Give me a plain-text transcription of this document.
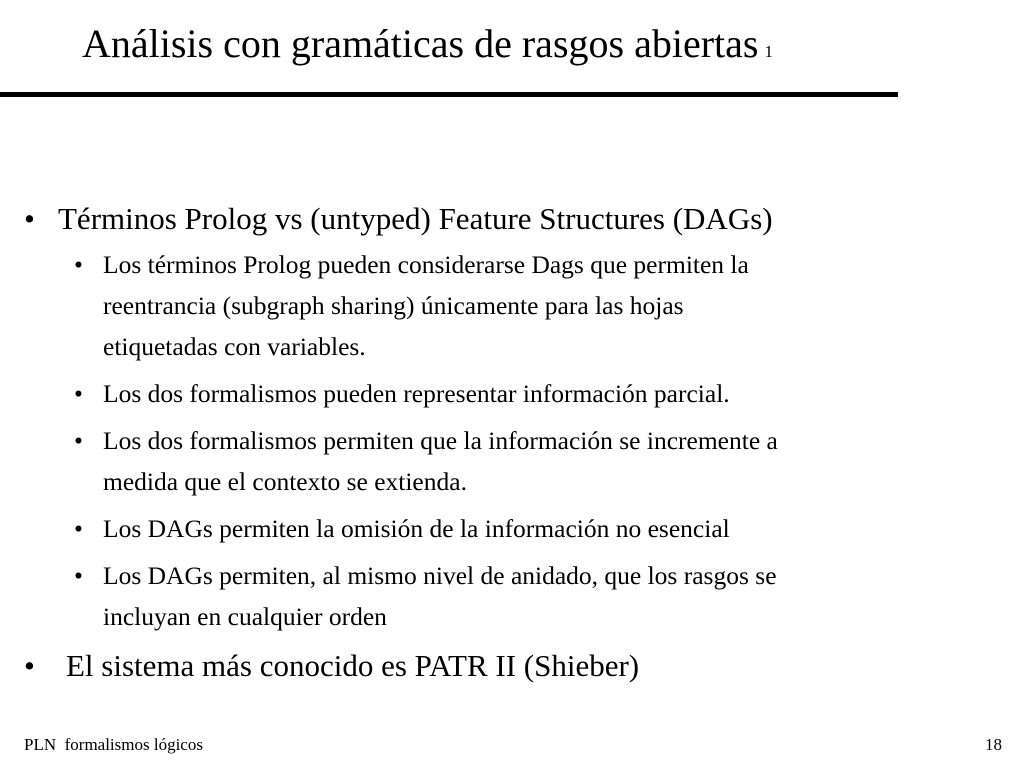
Análisis con gramáticas de rasgos abiertas 1
• Términos Prolog vs (untyped) Feature Structures (DAGs)
• Los términos Prolog pueden considerarse Dags que permiten la
reentrancia (subgraph sharing) únicamente para las hojas
etiquetadas con variables.
• Los dos formalismos pueden representar información parcial.
• Los dos formalismos permiten que la información se incremente a
medida que el contexto se extienda.
• Los DAGs permiten la omisión de la información no esencial
• Los DAGs permiten, al mismo nivel de anidado, que los rasgos se
incluyan en cualquier orden
• El sistema más conocido es PATR II (Shieber)
PLN  formalismos lógicos	18
